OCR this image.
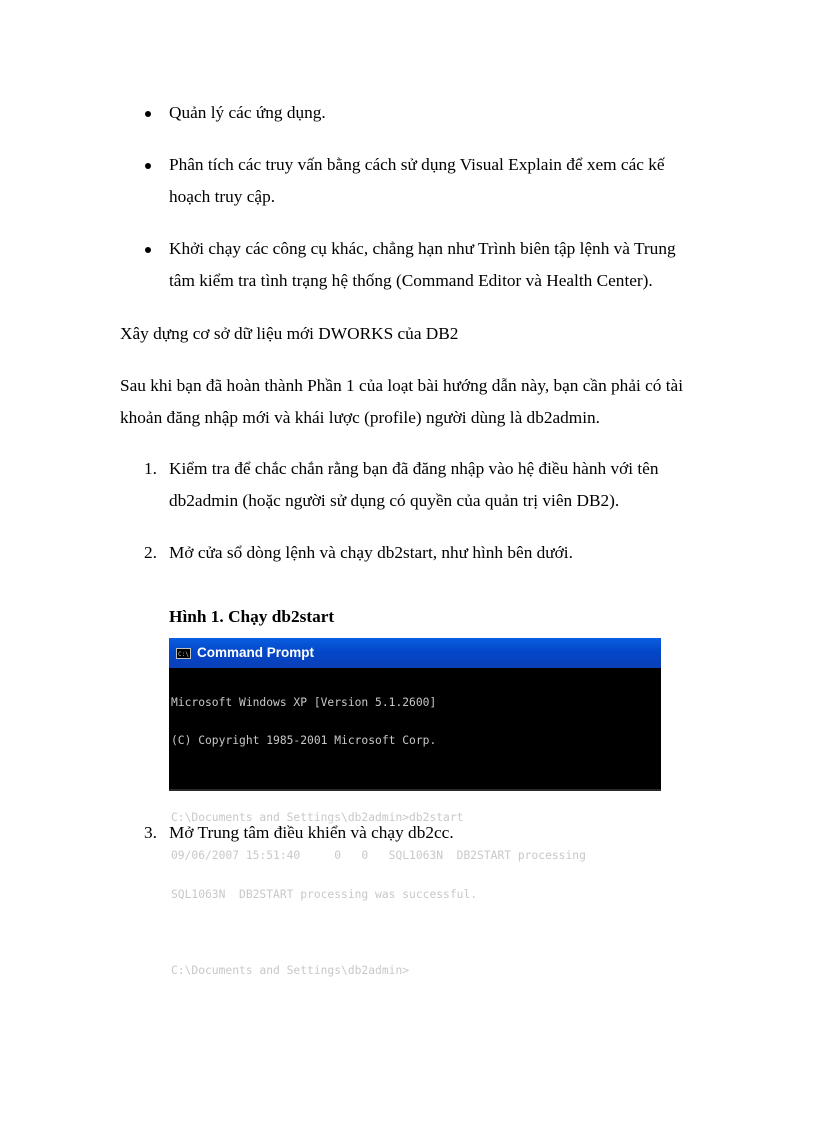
Quản lý các ứng dụng.
Phân tích các truy vấn bằng cách sử dụng Visual Explain để xem các kế
hoạch truy cập.
Khởi chạy các công cụ khác, chẳng hạn như Trình biên tập lệnh và Trung
tâm kiểm tra tình trạng hệ thống (Command Editor và Health Center).
Xây dựng cơ sở dữ liệu mới DWORKS của DB2
Sau khi bạn đã hoàn thành Phần 1 của loạt bài hướng dẫn này, bạn cần phải có tài
khoản đăng nhập mới và khái lược (profile) người dùng là db2admin.
1. Kiểm tra để chắc chắn rằng bạn đã đăng nhập vào hệ điều hành với tên
db2admin (hoặc người sử dụng có quyền của quản trị viên DB2).
2. Mở cửa sổ dòng lệnh và chạy db2start, như hình bên dưới.
Hình 1. Chạy db2start
C:\ Command Prompt

Microsoft Windows XP [Version 5.1.2600]

(C) Copyright 1985-2001 Microsoft Corp.

C:\Documents and Settings\db2admin>db2start

09/06/2007 15:51:40     0   0   SQL1063N  DB2START processing

SQL1063N  DB2START processing was successful.

C:\Documents and Settings\db2admin>

3. Mở Trung tâm điều khiển và chạy db2cc.
